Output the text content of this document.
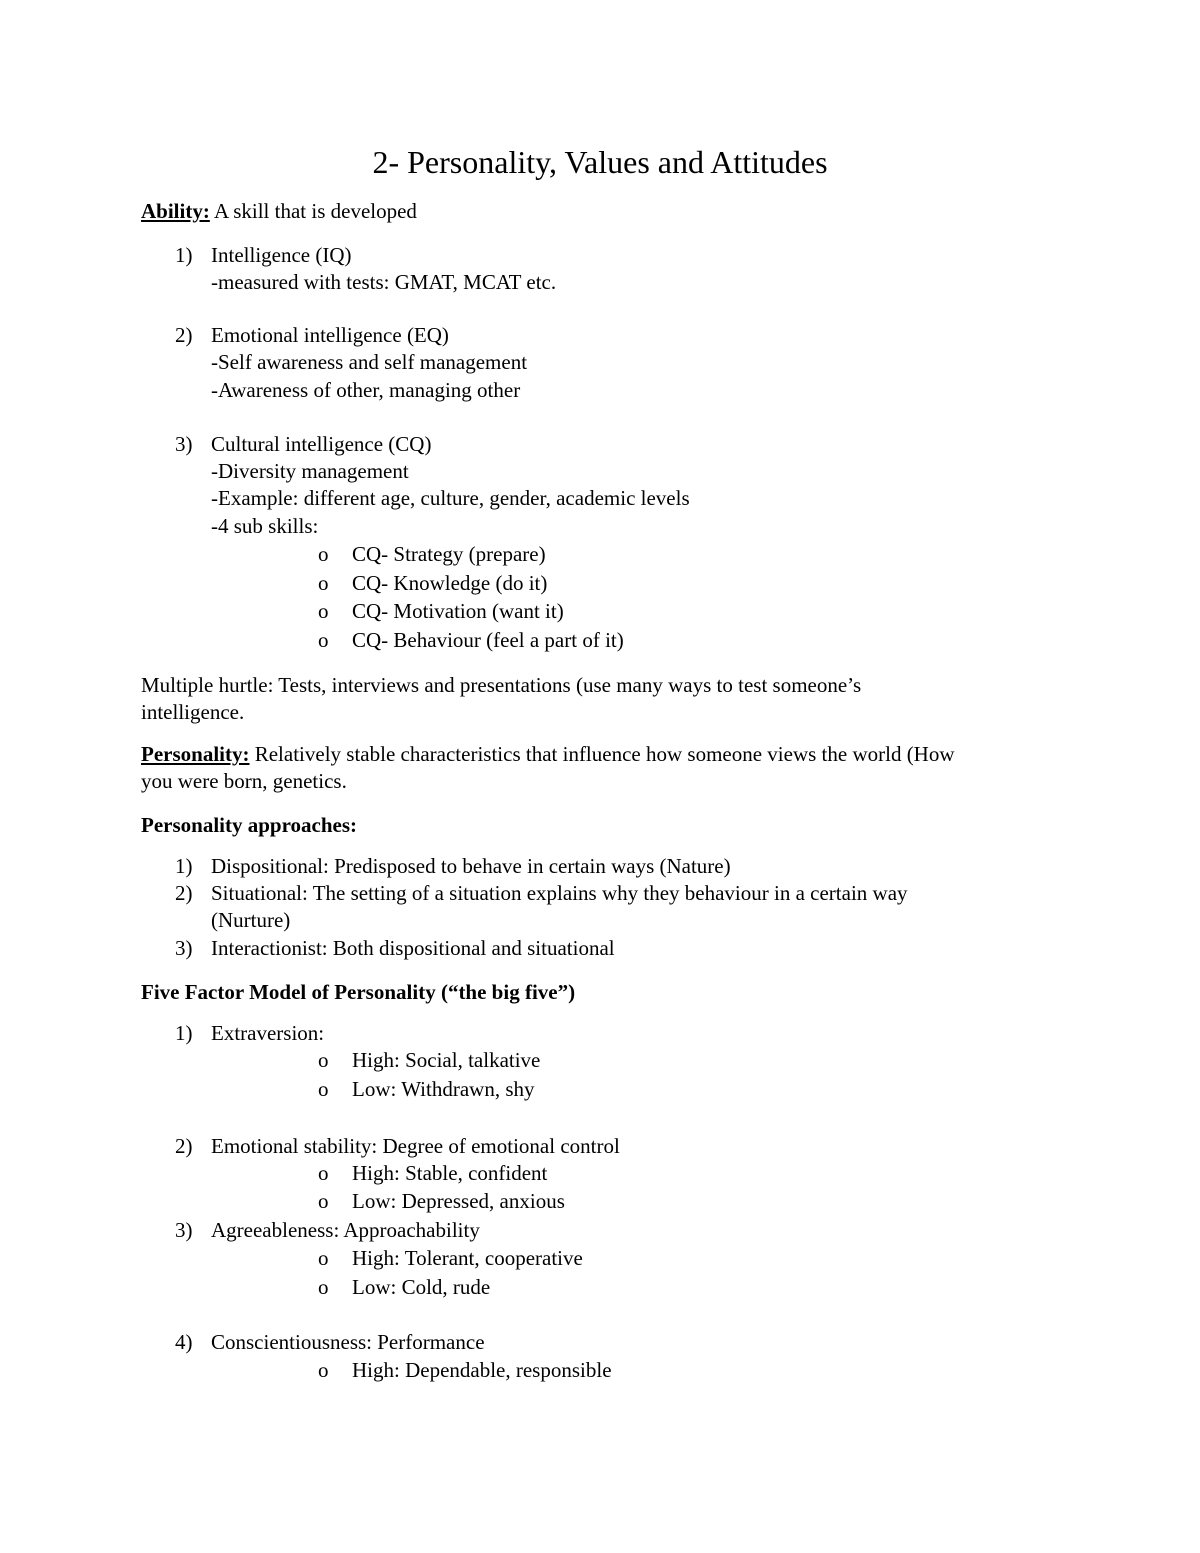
2- Personality, Values and Attitudes
Ability: A skill that is developed
1) Intelligence (IQ)
-measured with tests: GMAT, MCAT etc.
2) Emotional intelligence (EQ)
-Self awareness and self management
-Awareness of other, managing other
3) Cultural intelligence (CQ)
-Diversity management
-Example: different age, culture, gender, academic levels
-4 sub skills:
o CQ- Strategy (prepare)
o CQ- Knowledge (do it)
o CQ- Motivation (want it)
o CQ- Behaviour (feel a part of it)
Multiple hurtle: Tests, interviews and presentations (use many ways to test someone’s
intelligence.
Personality: Relatively stable characteristics that influence how someone views the world (How
you were born, genetics.
Personality approaches:
1) Dispositional: Predisposed to behave in certain ways (Nature)
2) Situational: The setting of a situation explains why they behaviour in a certain way
(Nurture)
3) Interactionist: Both dispositional and situational
Five Factor Model of Personality (“the big five”)
1) Extraversion:
o High: Social, talkative
o Low: Withdrawn, shy
2) Emotional stability: Degree of emotional control
o High: Stable, confident
o Low: Depressed, anxious
3) Agreeableness: Approachability
o High: Tolerant, cooperative
o Low: Cold, rude
4) Conscientiousness: Performance
o High: Dependable, responsible
